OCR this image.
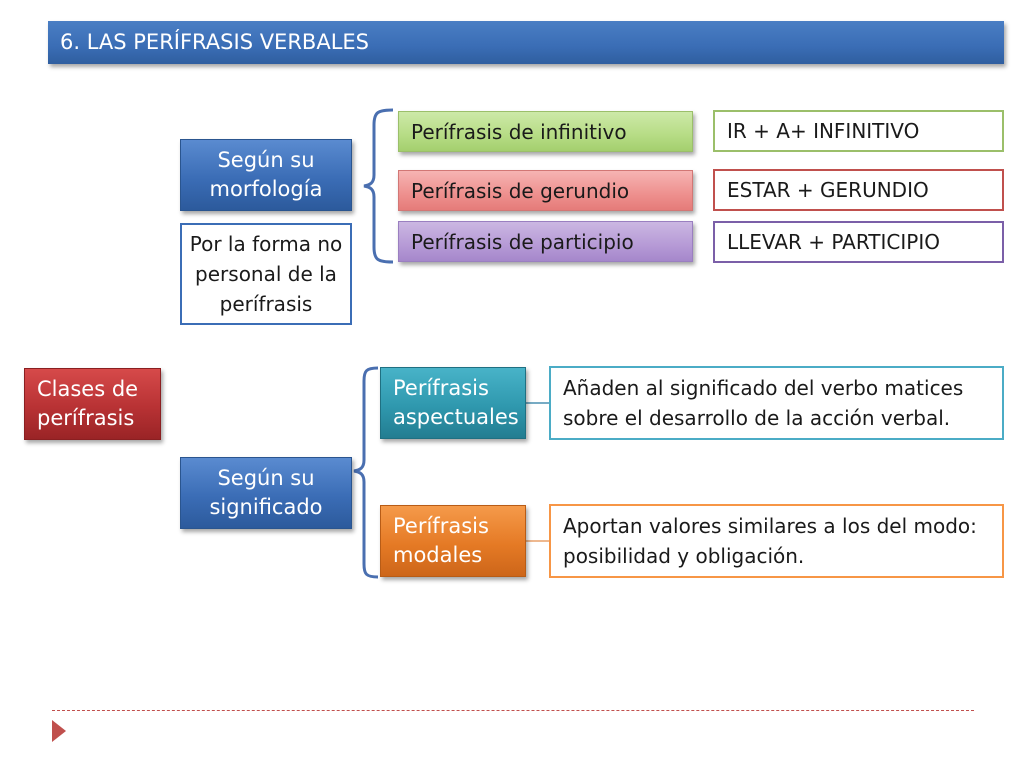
6. LAS PERÍFRASIS VERBALES
Clases de perífrasis
Según su morfología
Por la forma no personal de la perífrasis
Perífrasis de infinitivo
Perífrasis de gerundio
Perífrasis de participio
IR + A+ INFINITIVO
ESTAR + GERUNDIO
LLEVAR + PARTICIPIO
Según su significado
Perífrasis aspectuales
Perífrasis modales
Añaden al significado del verbo matices sobre el desarrollo de la acción verbal.
Aportan valores similares a los del modo: posibilidad y obligación.
